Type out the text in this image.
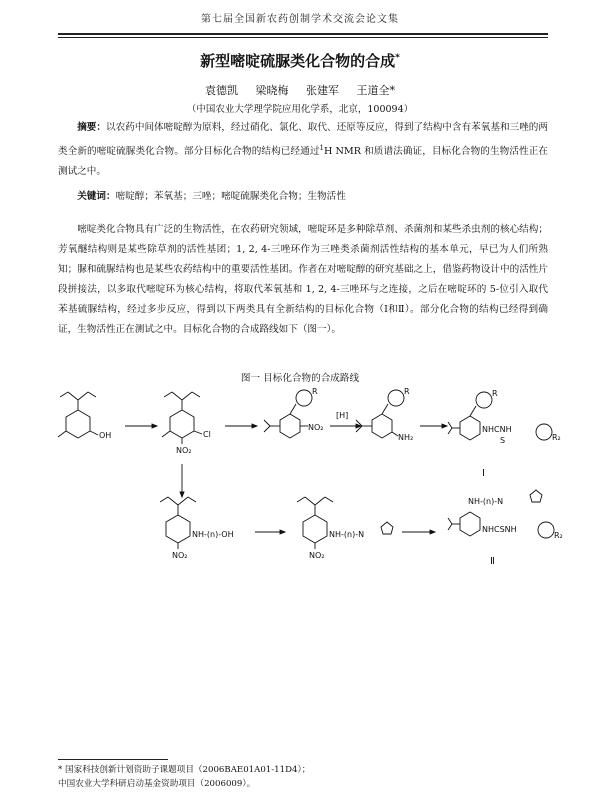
第七届全国新农药创制学术交流会论文集
新型嘧啶硫脲类化合物的合成*
袁德凯 梁晓梅 张建军 王道全*
（中国农业大学理学院应用化学系，北京，100094）
摘要：以农药中间体嘧啶醇为原料，经过硝化、氯化、取代、还原等反应，得到了结构中含有苯氧基和三唑的两类全新的嘧啶硫脲类化合物。部分目标化合物的结构已经通过$^1$H NMR 和质谱法确证，目标化合物的生物活性正在测试之中。
关键词：嘧啶醇；苯氧基；三唑；嘧啶硫脲类化合物；生物活性
嘧啶类化合物具有广泛的生物活性，在农药研究领域，嘧啶环是多种除草剂、杀菌剂和某些杀虫剂的核心结构；芳氧醚结构则是某些除草剂的活性基团；1, 2, 4-三唑环作为三唑类杀菌剂活性结构的基本单元，早已为人们所熟知；脲和硫脲结构也是某些农药结构中的重要活性基团。作者在对嘧啶醇的研究基础之上，借鉴药物设计中的活性片段拼接法，以多取代嘧啶环为核心结构，将取代苯氧基和 1, 2, 4-三唑环与之连接，之后在嘧啶环的 5-位引入取代苯基硫脲结构，经过多步反应，得到以下两类具有全新结构的目标化合物（Ⅰ和Ⅱ）。部分化合物的结构已经得到确证，生物活性正在测试之中。目标化合物的合成路线如下（图一）。
图一 目标化合物的合成路线
OH	Cl
NO₂
NO₂
R
[H]
R
NH₂
R
NHCNH
S	R₂
Ⅰ
NO₂
NH-(n)-OH
NO₂
NH-(n)-N
NH-(n)-N
NHCSNH
R₂
Ⅱ
* 国家科技创新计划资助子课题项目（2006BAE01A01-11D4）；
中国农业大学科研启动基金资助项目（2006009）。
